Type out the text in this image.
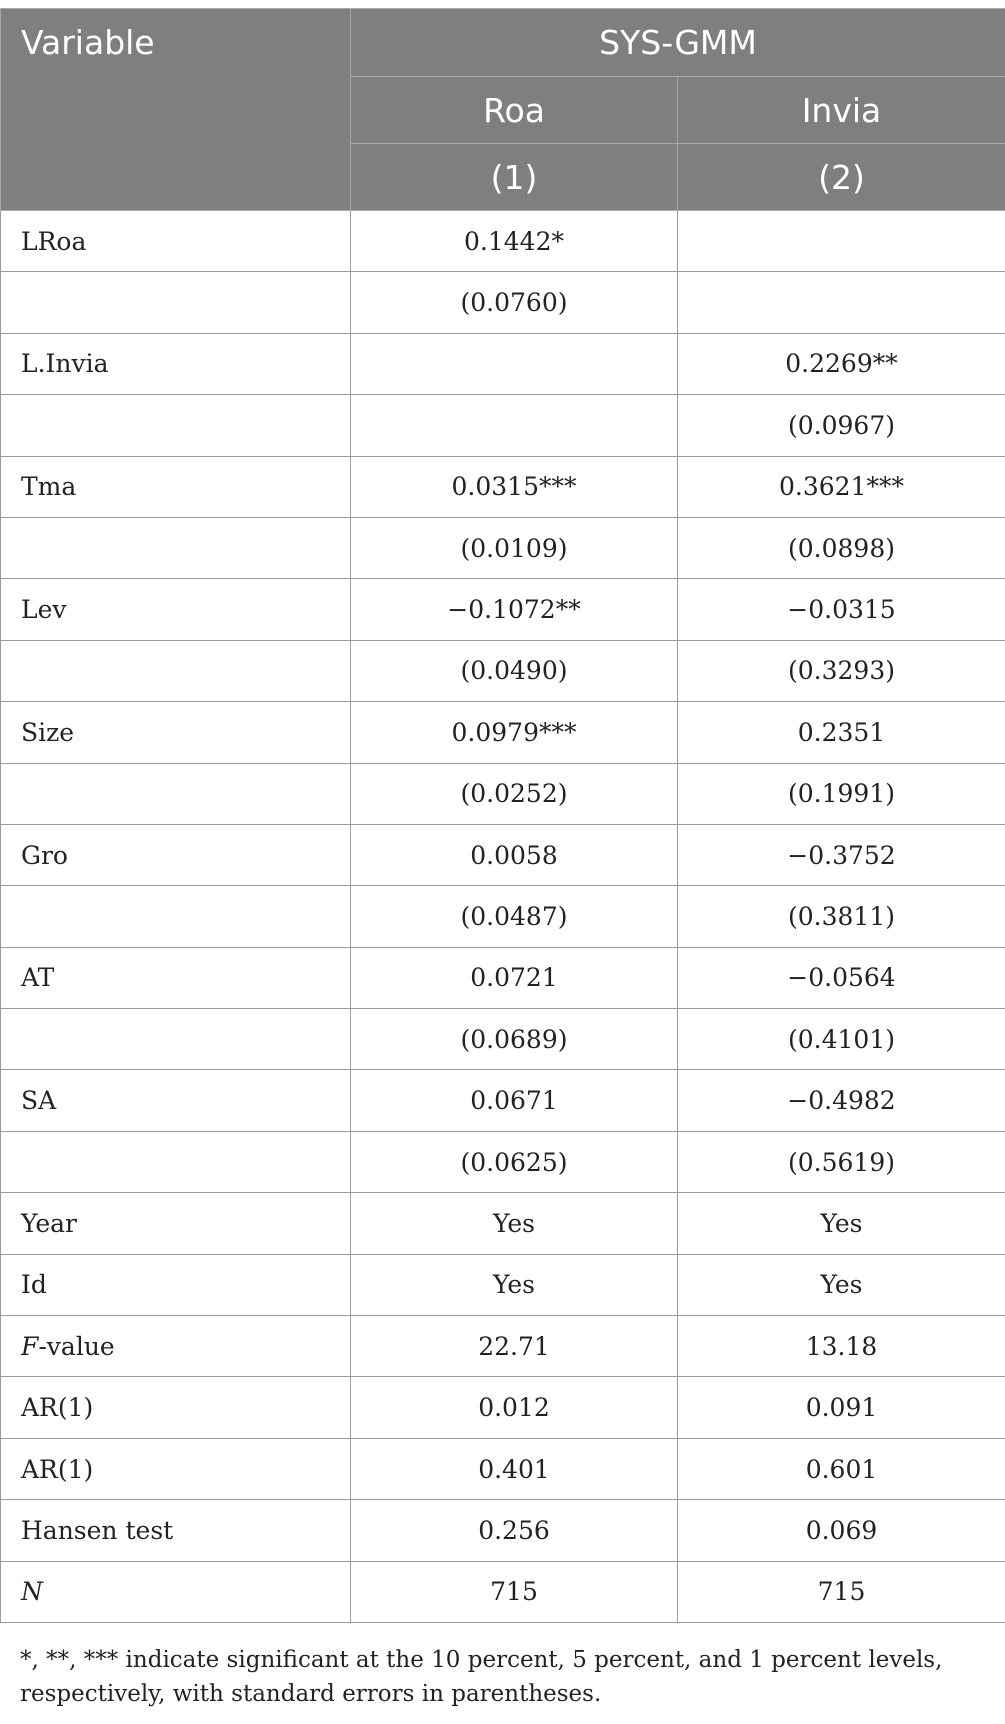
Variable	SYS-GMM	
	Roa	Invia
	(1)	(2)
LRoa	0.1442*	
	(0.0760)	
L.Invia		0.2269**
		(0.0967)
Tma	0.0315***	0.3621***
	(0.0109)	(0.0898)
Lev	−0.1072**	−0.0315
	(0.0490)	(0.3293)
Size	0.0979***	0.2351
	(0.0252)	(0.1991)
Gro	0.0058	−0.3752
	(0.0487)	(0.3811)
AT	0.0721	−0.0564
	(0.0689)	(0.4101)
SA	0.0671	−0.4982
	(0.0625)	(0.5619)
Year	Yes	Yes
Id	Yes	Yes
F-value	22.71	13.18
AR(1)	0.012	0.091
AR(1)	0.401	0.601
Hansen test	0.256	0.069
N	715	715
*, **, *** indicate significant at the 10 percent, 5 percent, and 1 percent levels, respectively, with standard errors in parentheses.
